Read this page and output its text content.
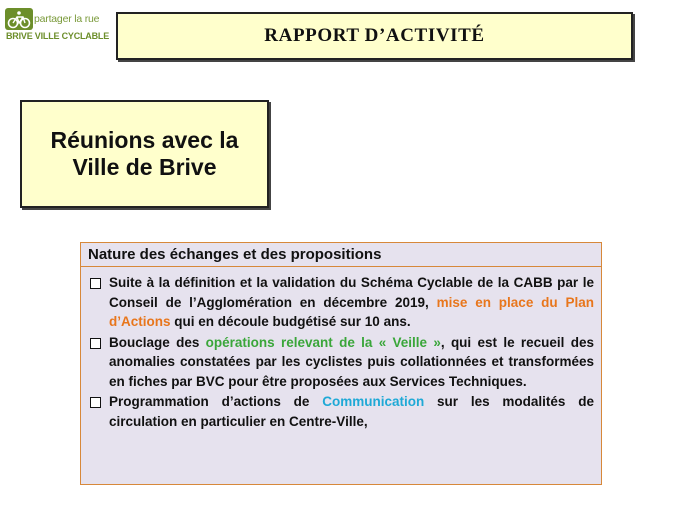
partager la rue
BRIVE VILLE CYCLABLE	RAPPORT D’ACTIVITÉ
Réunions avec la
Ville de Brive
Nature des échanges et des propositions
Suite à la définition et la validation du Schéma Cyclable de la CABB par le Conseil de l’Agglomération en décembre 2019, mise en place du Plan d’Actions qui en découle budgétisé sur 10 ans.
Bouclage des opérations relevant de la « Veille », qui est le recueil des anomalies constatées par les cyclistes puis collationnées et transformées en fiches par BVC pour être proposées aux Services Techniques.
Programmation d’actions de Communication sur les modalités de circulation en particulier en Centre-Ville,
